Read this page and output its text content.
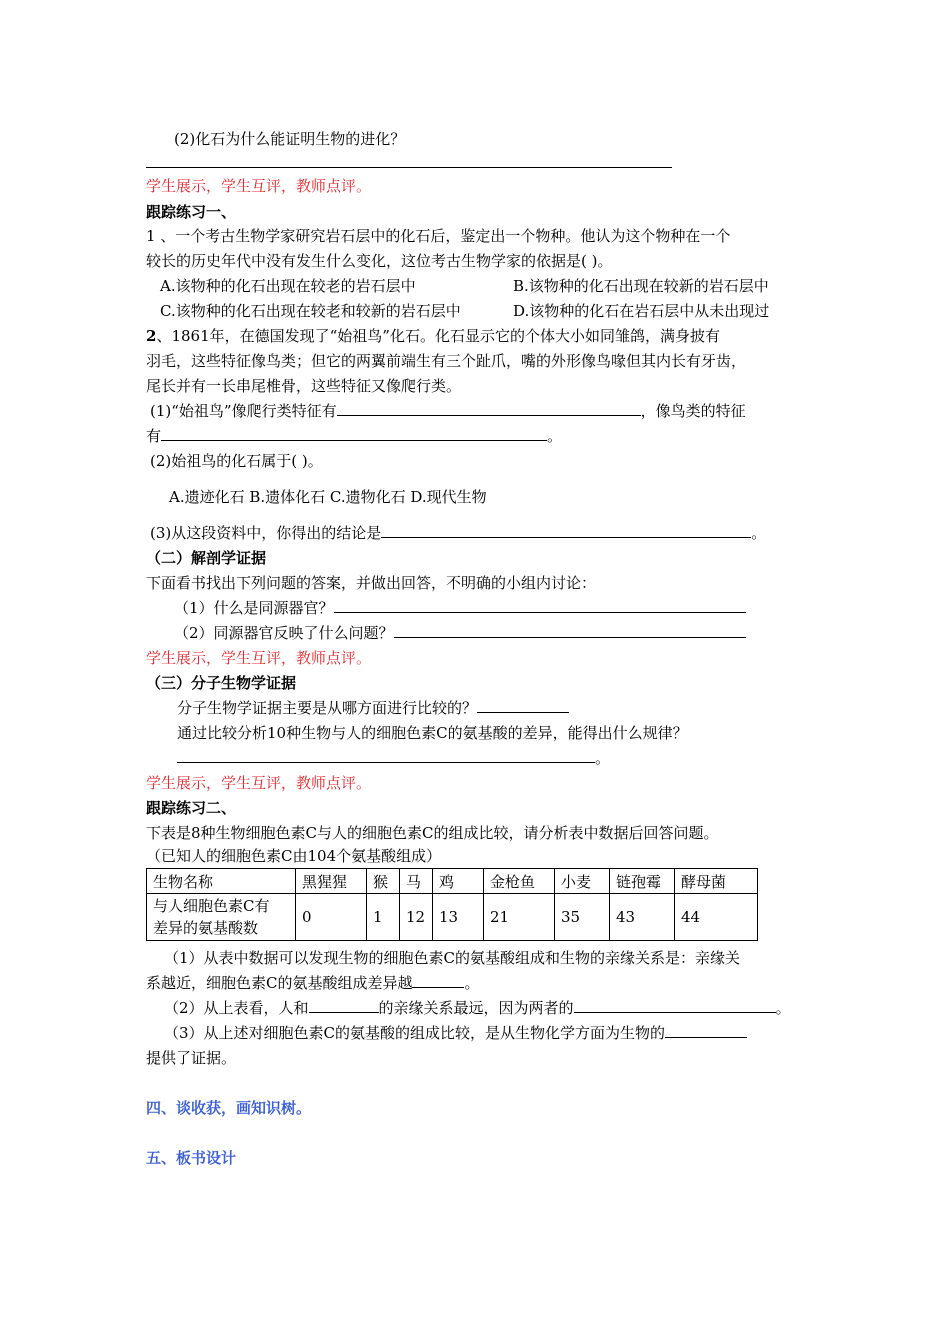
(2)化石为什么能证明生物的进化？
学生展示，学生互评，教师点评。
跟踪练习一、
1 、一个考古生物学家研究岩石层中的化石后，鉴定出一个物种。他认为这个物种在一个
较长的历史年代中没有发生什么变化，这位考古生物学家的依据是( )。
A.该物种的化石出现在较老的岩石层中	B.该物种的化石出现在较新的岩石层中
C.该物种的化石出现在较老和较新的岩石层中	D.该物种的化石在岩石层中从未出现过
2、1861年，在德国发现了“始祖鸟”化石。化石显示它的个体大小如同雏鸽，满身披有
羽毛，这些特征像鸟类；但它的两翼前端生有三个趾爪，嘴的外形像鸟喙但其内长有牙齿，
尾长并有一长串尾椎骨，这些特征又像爬行类。
(1)“始祖鸟”像爬行类特征有	，像鸟类的特征
有	。
(2)始祖鸟的化石属于( )。
A.遗迹化石 B.遗体化石 C.遗物化石 D.现代生物
(3)从这段资料中，你得出的结论是	。
（二）解剖学证据
下面看书找出下列问题的答案，并做出回答，不明确的小组内讨论：
（1）什么是同源器官？
（2）同源器官反映了什么问题？
学生展示，学生互评，教师点评。
（三）分子生物学证据
分子生物学证据主要是从哪方面进行比较的？
通过比较分析10种生物与人的细胞色素C的氨基酸的差异，能得出什么规律？
。
学生展示，学生互评，教师点评。
跟踪练习二、
下表是8种生物细胞色素C与人的细胞色素C的组成比较，请分析表中数据后回答问题。
（已知人的细胞色素C由104个氨基酸组成）
生物名称	黑猩猩	猴	马	鸡	金枪鱼	小麦	链孢霉	酵母菌
与人细胞色素C有
差异的氨基酸数	0	1	12	13	21	35	43	44
（1）从表中数据可以发现生物的细胞色素C的氨基酸组成和生物的亲缘关系是：亲缘关
系越近，细胞色素C的氨基酸组成差异越	。
（2）从上表看，人和	的亲缘关系最远，因为两者的	。
（3）从上述对细胞色素C的氨基酸的组成比较，是从生物化学方面为生物的
提供了证据。
四、谈收获，画知识树。
五、板书设计
